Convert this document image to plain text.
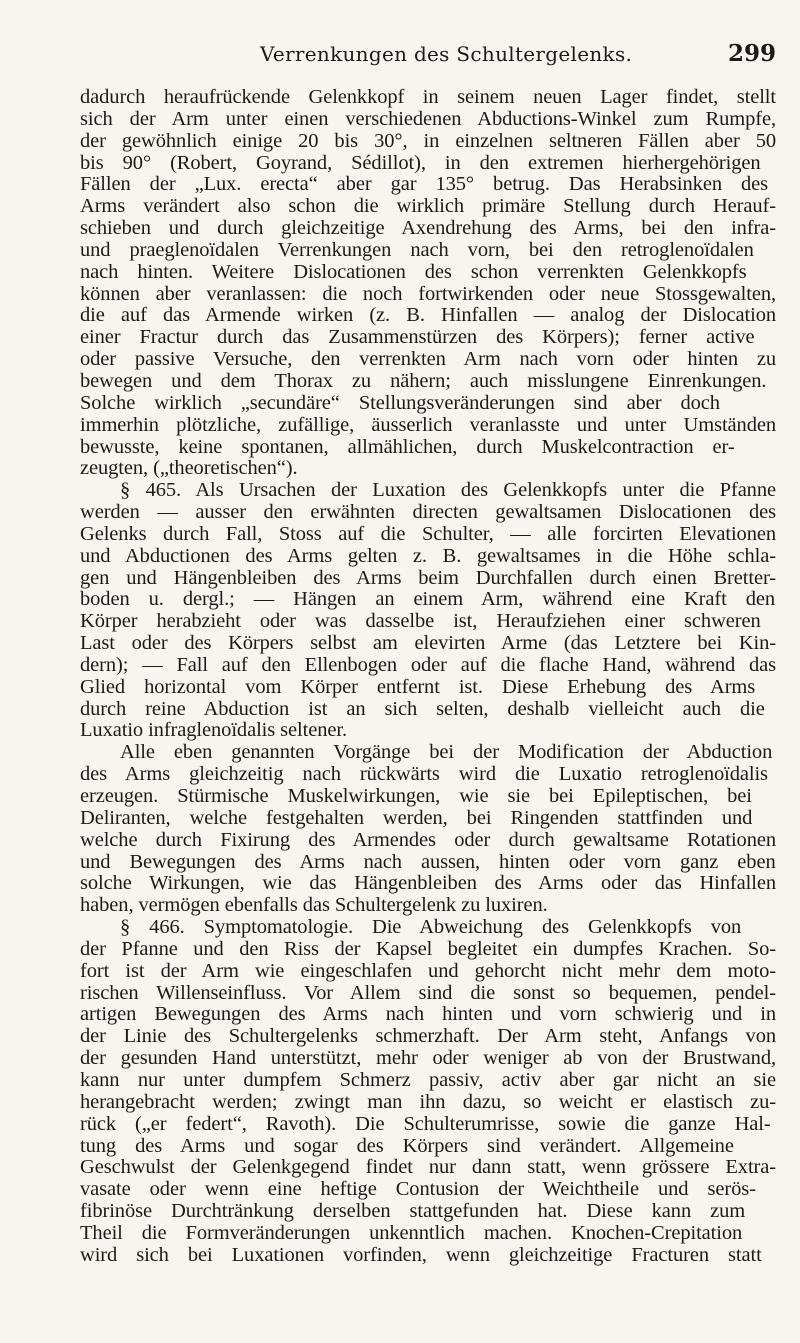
Verrenkungen des Schultergelenks.	299
dadurch heraufrückende Gelenkkopf in seinem neuen Lager findet, stellt
sich der Arm unter einen verschiedenen Abductions-Winkel zum Rumpfe,
der gewöhnlich einige 20 bis 30°, in einzelnen seltneren Fällen aber 50
bis 90° (Robert, Goyrand, Sédillot), in den extremen hierhergehörigen
Fällen der „Lux. erecta“ aber gar 135° betrug. Das Herabsinken des
Arms verändert also schon die wirklich primäre Stellung durch Herauf-
schieben und durch gleichzeitige Axendrehung des Arms, bei den infra-
und praeglenoïdalen Verrenkungen nach vorn, bei den retroglenoïdalen
nach hinten. Weitere Dislocationen des schon verrenkten Gelenkkopfs
können aber veranlassen: die noch fortwirkenden oder neue Stossgewalten,
die auf das Armende wirken (z. B. Hinfallen — analog der Dislocation
einer Fractur durch das Zusammenstürzen des Körpers); ferner active
oder passive Versuche, den verrenkten Arm nach vorn oder hinten zu
bewegen und dem Thorax zu nähern; auch misslungene Einrenkungen.
Solche wirklich „secundäre“ Stellungsveränderungen sind aber doch
immerhin plötzliche, zufällige, äusserlich veranlasste und unter Umständen
bewusste, keine spontanen, allmählichen, durch Muskelcontraction er-
zeugten, („theoretischen“).
§ 465. Als Ursachen der Luxation des Gelenkkopfs unter die Pfanne
werden — ausser den erwähnten directen gewaltsamen Dislocationen des
Gelenks durch Fall, Stoss auf die Schulter, — alle forcirten Elevationen
und Abductionen des Arms gelten z. B. gewaltsames in die Höhe schla-
gen und Hängenbleiben des Arms beim Durchfallen durch einen Bretter-
boden u. dergl.; — Hängen an einem Arm, während eine Kraft den
Körper herabzieht oder was dasselbe ist, Heraufziehen einer schweren
Last oder des Körpers selbst am elevirten Arme (das Letztere bei Kin-
dern); — Fall auf den Ellenbogen oder auf die flache Hand, während das
Glied horizontal vom Körper entfernt ist. Diese Erhebung des Arms
durch reine Abduction ist an sich selten, deshalb vielleicht auch die
Luxatio infraglenoïdalis seltener.
Alle eben genannten Vorgänge bei der Modification der Abduction
des Arms gleichzeitig nach rückwärts wird die Luxatio retroglenoïdalis
erzeugen. Stürmische Muskelwirkungen, wie sie bei Epileptischen, bei
Deliranten, welche festgehalten werden, bei Ringenden stattfinden und
welche durch Fixirung des Armendes oder durch gewaltsame Rotationen
und Bewegungen des Arms nach aussen, hinten oder vorn ganz eben
solche Wirkungen, wie das Hängenbleiben des Arms oder das Hinfallen
haben, vermögen ebenfalls das Schultergelenk zu luxiren.
§ 466. Symptomatologie. Die Abweichung des Gelenkkopfs von
der Pfanne und den Riss der Kapsel begleitet ein dumpfes Krachen. So-
fort ist der Arm wie eingeschlafen und gehorcht nicht mehr dem moto-
rischen Willenseinfluss. Vor Allem sind die sonst so bequemen, pendel-
artigen Bewegungen des Arms nach hinten und vorn schwierig und in
der Linie des Schultergelenks schmerzhaft. Der Arm steht, Anfangs von
der gesunden Hand unterstützt, mehr oder weniger ab von der Brustwand,
kann nur unter dumpfem Schmerz passiv, activ aber gar nicht an sie
herangebracht werden; zwingt man ihn dazu, so weicht er elastisch zu-
rück („er federt“, Ravoth). Die Schulterumrisse, sowie die ganze Hal-
tung des Arms und sogar des Körpers sind verändert. Allgemeine
Geschwulst der Gelenkgegend findet nur dann statt, wenn grössere Extra-
vasate oder wenn eine heftige Contusion der Weichtheile und serös-
fibrinöse Durchtränkung derselben stattgefunden hat. Diese kann zum
Theil die Formveränderungen unkenntlich machen. Knochen-Crepitation
wird sich bei Luxationen vorfinden, wenn gleichzeitige Fracturen statt
